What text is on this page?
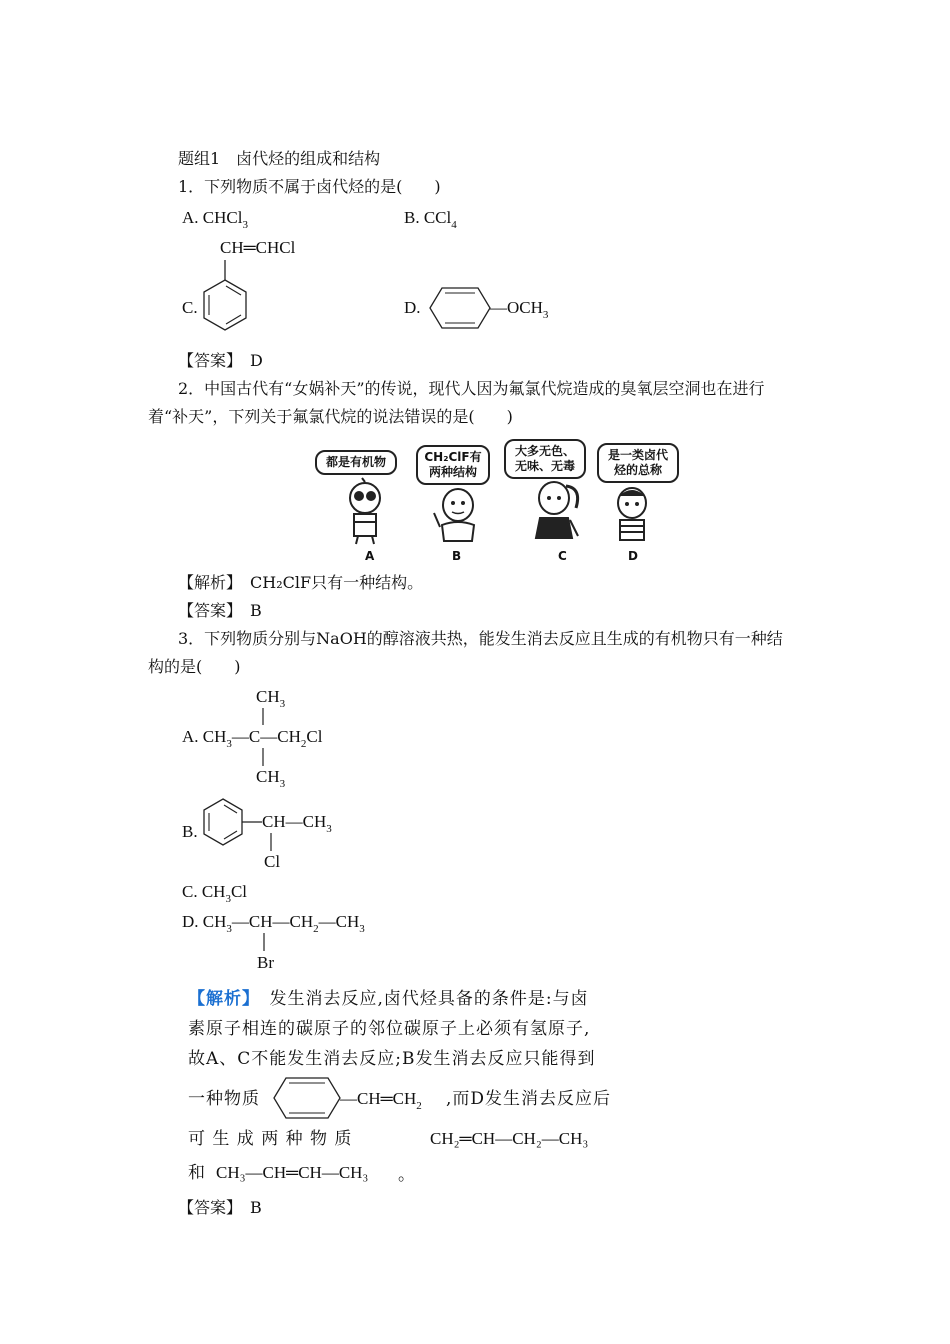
题组1　卤代烃的组成和结构
1．下列物质不属于卤代烃的是(　　)
A. CHCl$_3$	B. CCl$_4$
CH═CHCl
C.	D.	$—OCH_3$
【答案】　 D
2．中国古代有“女娲补天”的传说，现代人因为氟氯代烷造成的臭氧层空洞也在进行
着“补天”，下列关于氟氯代烷的说法错误的是(　　)
都是有机物
A
CH₂ClF有
两种结构
B
大多无色、
无味、无毒
C
是一类卤代
烃的总称
D
【解析】　 CH₂ClF只有一种结构。
【答案】　 B
3．下列物质分别与NaOH的醇溶液共热，能发生消去反应且生成的有机物只有一种结
构的是(　　)
$CH_3$
A. $CH_3—C—CH_2Cl$
$CH_3$
B.
$CH—CH_3$
Cl
C. $CH_3Cl$
D. $CH_3—CH—CH_2—CH_3$
Br
【解析】　 发生消去反应,卤代烃具备的条件是:与卤
素原子相连的碳原子的邻位碳原子上必须有氢原子,
故A、C不能发生消去反应;B发生消去反应只能得到
一种物质	$—CH═CH_2$ ,而D发生消去反应后
可 生 成 两 种 物 质	CH₂═CH—CH₂—CH₃
和 CH₃—CH═CH—CH₃ 。
【答案】　 B
